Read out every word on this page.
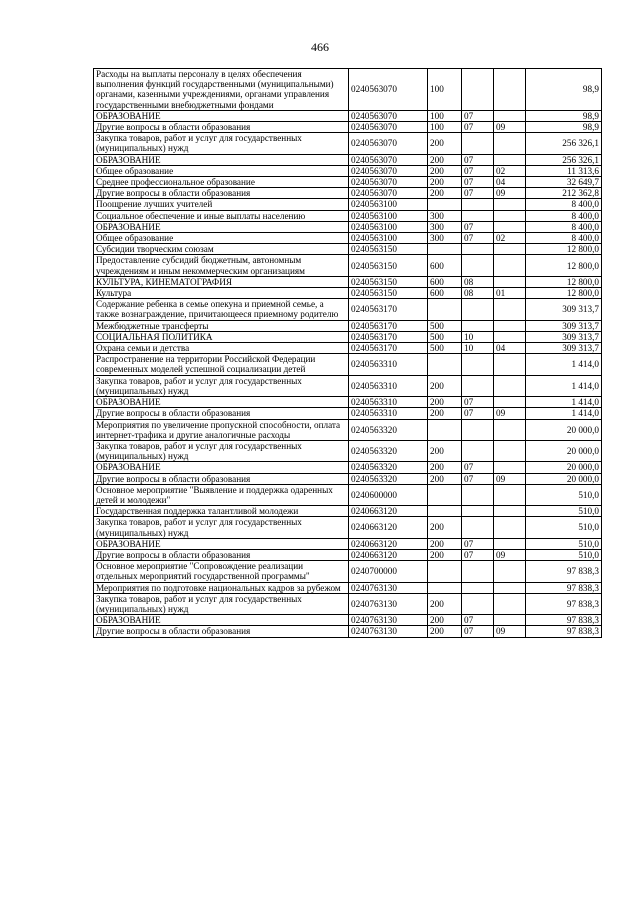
466
Расходы на выплаты персоналу в целях обеспечения выполнения функций государственными (муниципальными) органами, казенными учреждениями, органами управления государственными внебюджетными фондами	0240563070	100			98,9
ОБРАЗОВАНИЕ	0240563070	100	07		98,9
Другие вопросы в области образования	0240563070	100	07	09	98,9
Закупка товаров, работ и услуг для государственных (муниципальных) нужд	0240563070	200			256 326,1
ОБРАЗОВАНИЕ	0240563070	200	07		256 326,1
Общее образование	0240563070	200	07	02	11 313,6
Среднее профессиональное образование	0240563070	200	07	04	32 649,7
Другие вопросы в области образования	0240563070	200	07	09	212 362,8
Поощрение лучших учителей	0240563100				8 400,0
Социальное обеспечение и иные выплаты населению	0240563100	300			8 400,0
ОБРАЗОВАНИЕ	0240563100	300	07		8 400,0
Общее образование	0240563100	300	07	02	8 400,0
Субсидии творческим союзам	0240563150				12 800,0
Предоставление субсидий бюджетным, автономным учреждениям и иным некоммерческим организациям	0240563150	600			12 800,0
КУЛЬТУРА, КИНЕМАТОГРАФИЯ	0240563150	600	08		12 800,0
Культура	0240563150	600	08	01	12 800,0
Содержание ребенка в семье опекуна и приемной семье, а также вознаграждение, причитающееся приемному родителю	0240563170				309 313,7
Межбюджетные трансферты	0240563170	500			309 313,7
СОЦИАЛЬНАЯ ПОЛИТИКА	0240563170	500	10		309 313,7
Охрана семьи и детства	0240563170	500	10	04	309 313,7
Распространение на территории Российской Федерации современных моделей успешной социализации детей	0240563310				1 414,0
Закупка товаров, работ и услуг для государственных (муниципальных) нужд	0240563310	200			1 414,0
ОБРАЗОВАНИЕ	0240563310	200	07		1 414,0
Другие вопросы в области образования	0240563310	200	07	09	1 414,0
Мероприятия по увеличение пропускной способности, оплата интернет-трафика и другие аналогичные расходы	0240563320				20 000,0
Закупка товаров, работ и услуг для государственных (муниципальных) нужд	0240563320	200			20 000,0
ОБРАЗОВАНИЕ	0240563320	200	07		20 000,0
Другие вопросы в области образования	0240563320	200	07	09	20 000,0
Основное мероприятие "Выявление и поддержка одаренных детей и молодежи"	0240600000				510,0
Государственная поддержка талантливой молодежи	0240663120				510,0
Закупка товаров, работ и услуг для государственных (муниципальных) нужд	0240663120	200			510,0
ОБРАЗОВАНИЕ	0240663120	200	07		510,0
Другие вопросы в области образования	0240663120	200	07	09	510,0
Основное мероприятие "Сопровождение реализации отдельных мероприятий государственной программы"	0240700000				97 838,3
Мероприятия по подготовке национальных кадров за рубежом	0240763130				97 838,3
Закупка товаров, работ и услуг для государственных (муниципальных) нужд	0240763130	200			97 838,3
ОБРАЗОВАНИЕ	0240763130	200	07		97 838,3
Другие вопросы в области образования	0240763130	200	07	09	97 838,3
